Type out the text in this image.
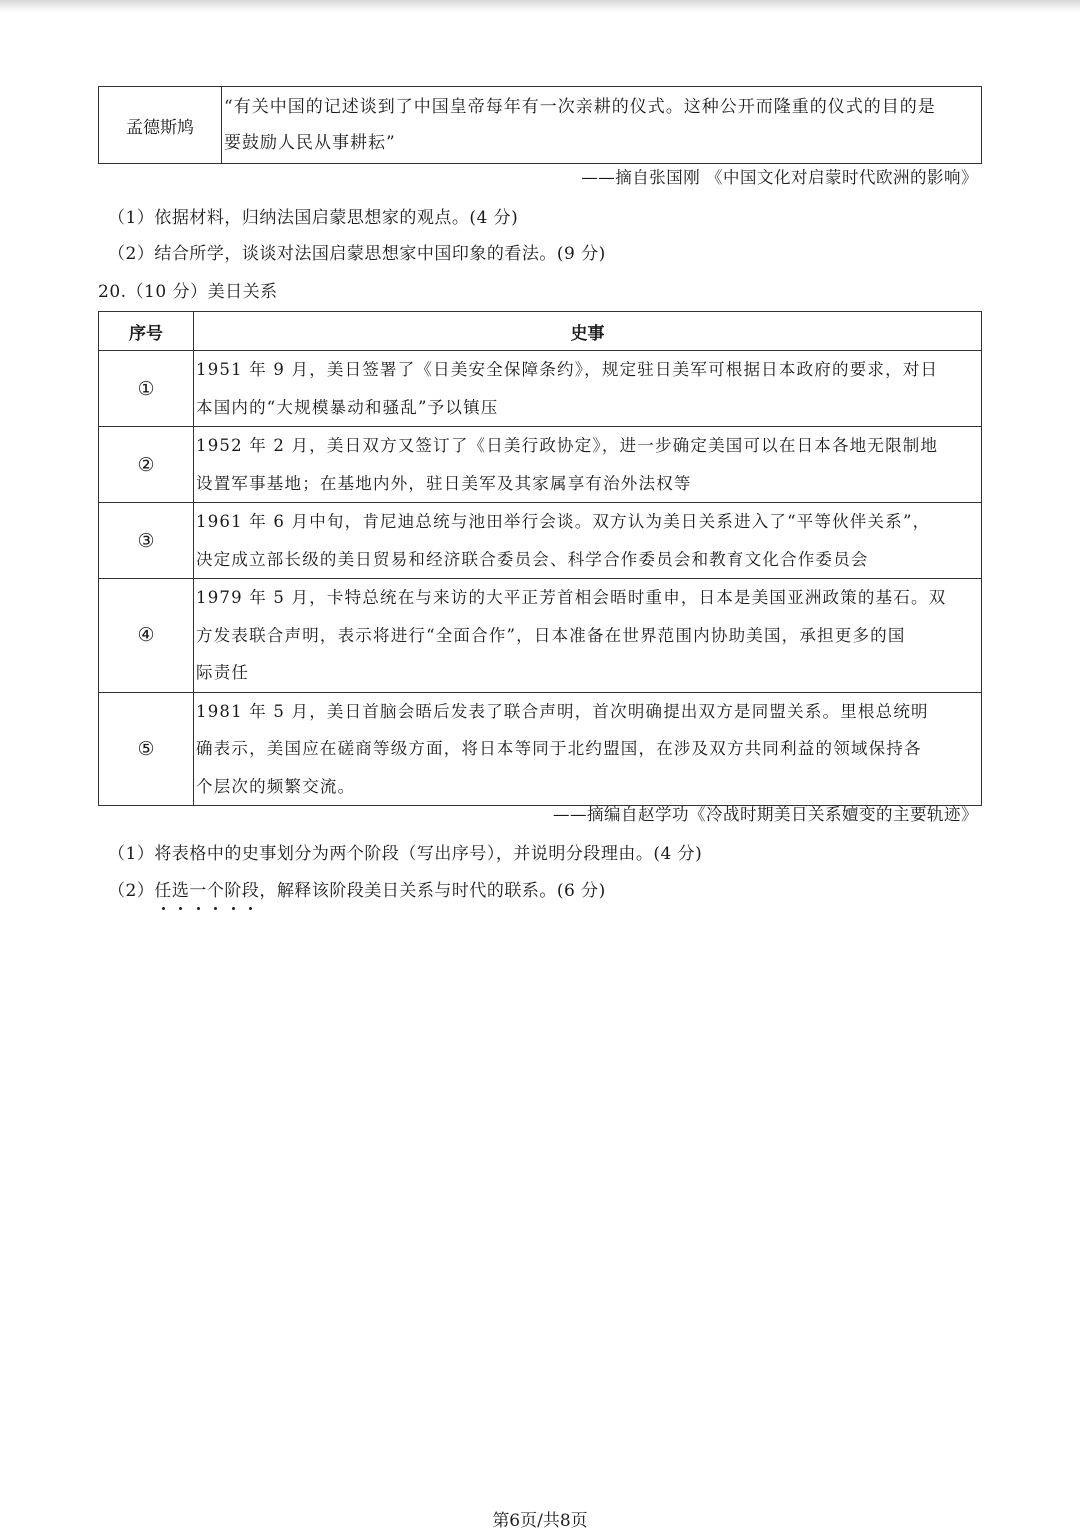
孟德斯鸠	
“有关中国的记述谈到了中国皇帝每年有一次亲耕的仪式。这种公开而隆重的仪式的目的是
要鼓励人民从事耕耘”
——摘自张国刚 《中国文化对启蒙时代欧洲的影响》
（1）依据材料，归纳法国启蒙思想家的观点。(4 分)
（2）结合所学，谈谈对法国启蒙思想家中国印象的看法。(9 分)
20.（10 分）美日关系
序号	史事
①	1951 年 9 月，美日签署了《日美安全保障条约》，规定驻日美军可根据日本政府的要求，对日
本国内的“大规模暴动和骚乱”予以镇压

②	1952 年 2 月，美日双方又签订了《日美行政协定》，进一步确定美国可以在日本各地无限制地
设置军事基地；在基地内外，驻日美军及其家属享有治外法权等

③	1961 年 6 月中旬，肯尼迪总统与池田举行会谈。双方认为美日关系进入了“平等伙伴关系”，
决定成立部长级的美日贸易和经济联合委员会、科学合作委员会和教育文化合作委员会

④	1979 年 5 月，卡特总统在与来访的大平正芳首相会晤时重申，日本是美国亚洲政策的基石。双
方发表联合声明，表示将进行“全面合作”，日本准备在世界范围内协助美国，承担更多的国
际责任

⑤	1981 年 5 月，美日首脑会晤后发表了联合声明，首次明确提出双方是同盟关系。里根总统明
确表示，美国应在磋商等级方面，将日本等同于北约盟国，在涉及双方共同利益的领域保持各
个层次的频繁交流。
——摘编自赵学功《冷战时期美日关系嬗变的主要轨迹》
（1）将表格中的史事划分为两个阶段（写出序号），并说明分段理由。(4 分)
（2）任
选
一
个
阶
段
，解释该阶段美日关系与时代的联系。(6 分)
第6页/共8页
